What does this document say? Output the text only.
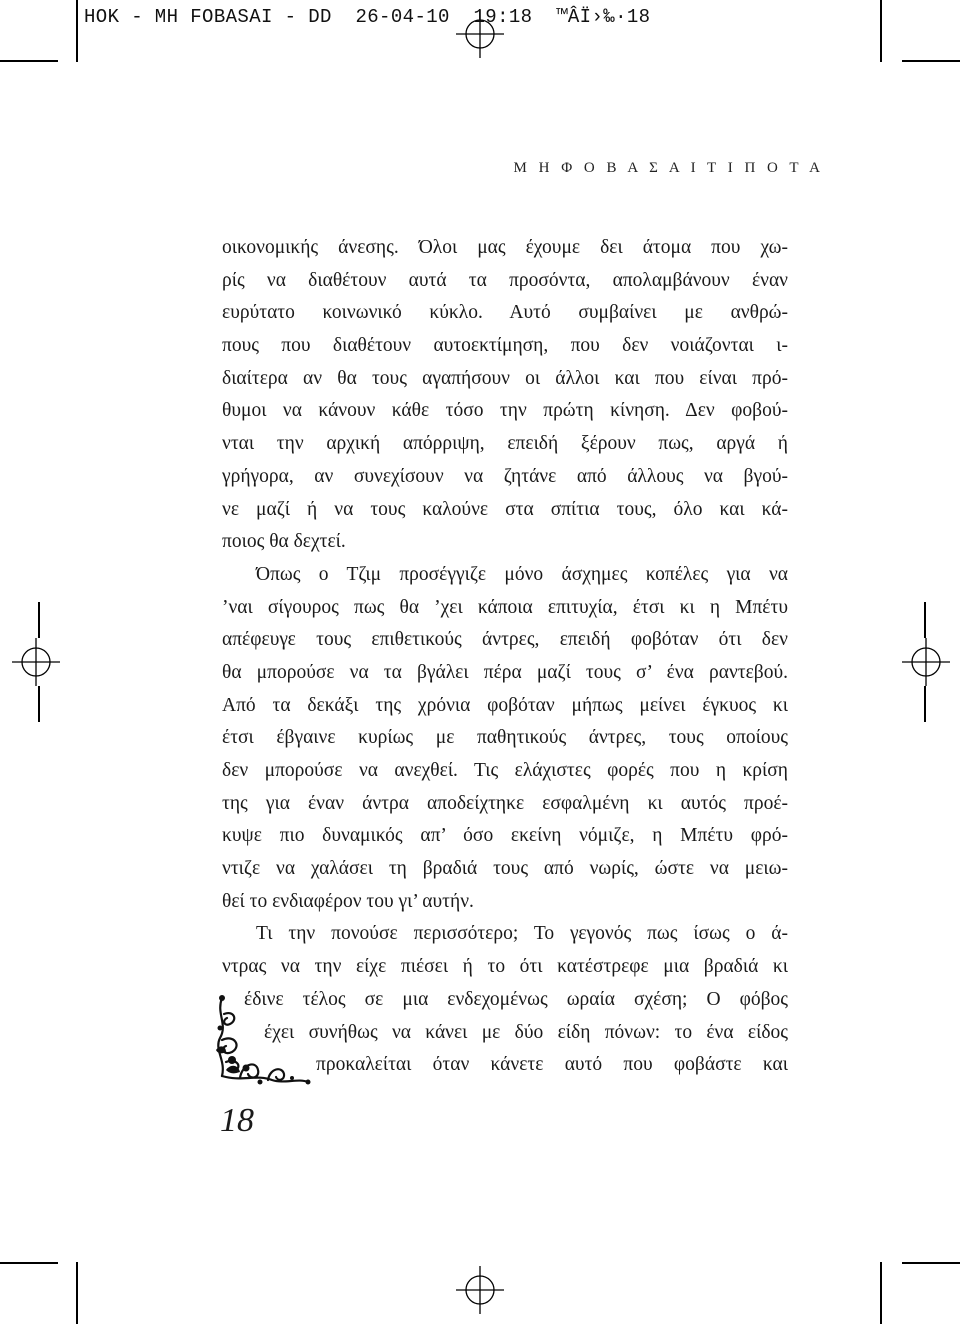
HOK - MH FOBASAI - DD  26-04-10  19:18  ™ÂÏ›‰·18
Μ Η Φ Ο Β Α Σ Α Ι Τ Ι Π Ο Τ Α
οικονομικής άνεσης. Όλοι μας έχουμε δει άτομα που χω-
ρίς να διαθέτουν αυτά τα προσόντα, απολαμβάνουν έναν
ευρύτατο κοινωνικό κύκλο. Αυτό συμβαίνει με ανθρώ-
πους που διαθέτουν αυτοεκτίμηση, που δεν νοιάζονται ι-
διαίτερα αν θα τους αγαπήσουν οι άλλοι και που είναι πρό-
θυμοι να κάνουν κάθε τόσο την πρώτη κίνηση. Δεν φοβού-
νται την αρχική απόρριψη, επειδή ξέρουν πως, αργά ή
γρήγορα, αν συνεχίσουν να ζητάνε από άλλους να βγού-
νε μαζί ή να τους καλούνε στα σπίτια τους, όλο και κά-
ποιος θα δεχτεί.
Όπως ο Τζιμ προσέγγιζε μόνο άσχημες κοπέλες για να
’ναι σίγουρος πως θα ’χει κάποια επιτυχία, έτσι κι η Μπέτυ
απέφευγε τους επιθετικούς άντρες, επειδή φοβόταν ότι δεν
θα μπορούσε να τα βγάλει πέρα μαζί τους σ’ ένα ραντεβού.
Από τα δεκάξι της χρόνια φοβόταν μήπως μείνει έγκυος κι
έτσι έβγαινε κυρίως με παθητικούς άντρες, τους οποίους
δεν μπορούσε να ανεχθεί. Τις ελάχιστες φορές που η κρίση
της για έναν άντρα αποδείχτηκε εσφαλμένη κι αυτός προέ-
κυψε πιο δυναμικός απ’ όσο εκείνη νόμιζε, η Μπέτυ φρό-
ντιζε να χαλάσει τη βραδιά τους από νωρίς, ώστε να μειω-
θεί το ενδιαφέρον του γι’ αυτήν.
Τι την πονούσε περισσότερο; Το γεγονός πως ίσως ο ά-
ντρας να την είχε πιέσει ή το ότι κατέστρεφε μια βραδιά κι
έδινε τέλος σε μια ενδεχομένως ωραία σχέση; Ο φόβος
έχει συνήθως να κάνει με δύο είδη πόνων: το ένα είδος
προκαλείται όταν κάνετε αυτό που φοβάστε και
18
